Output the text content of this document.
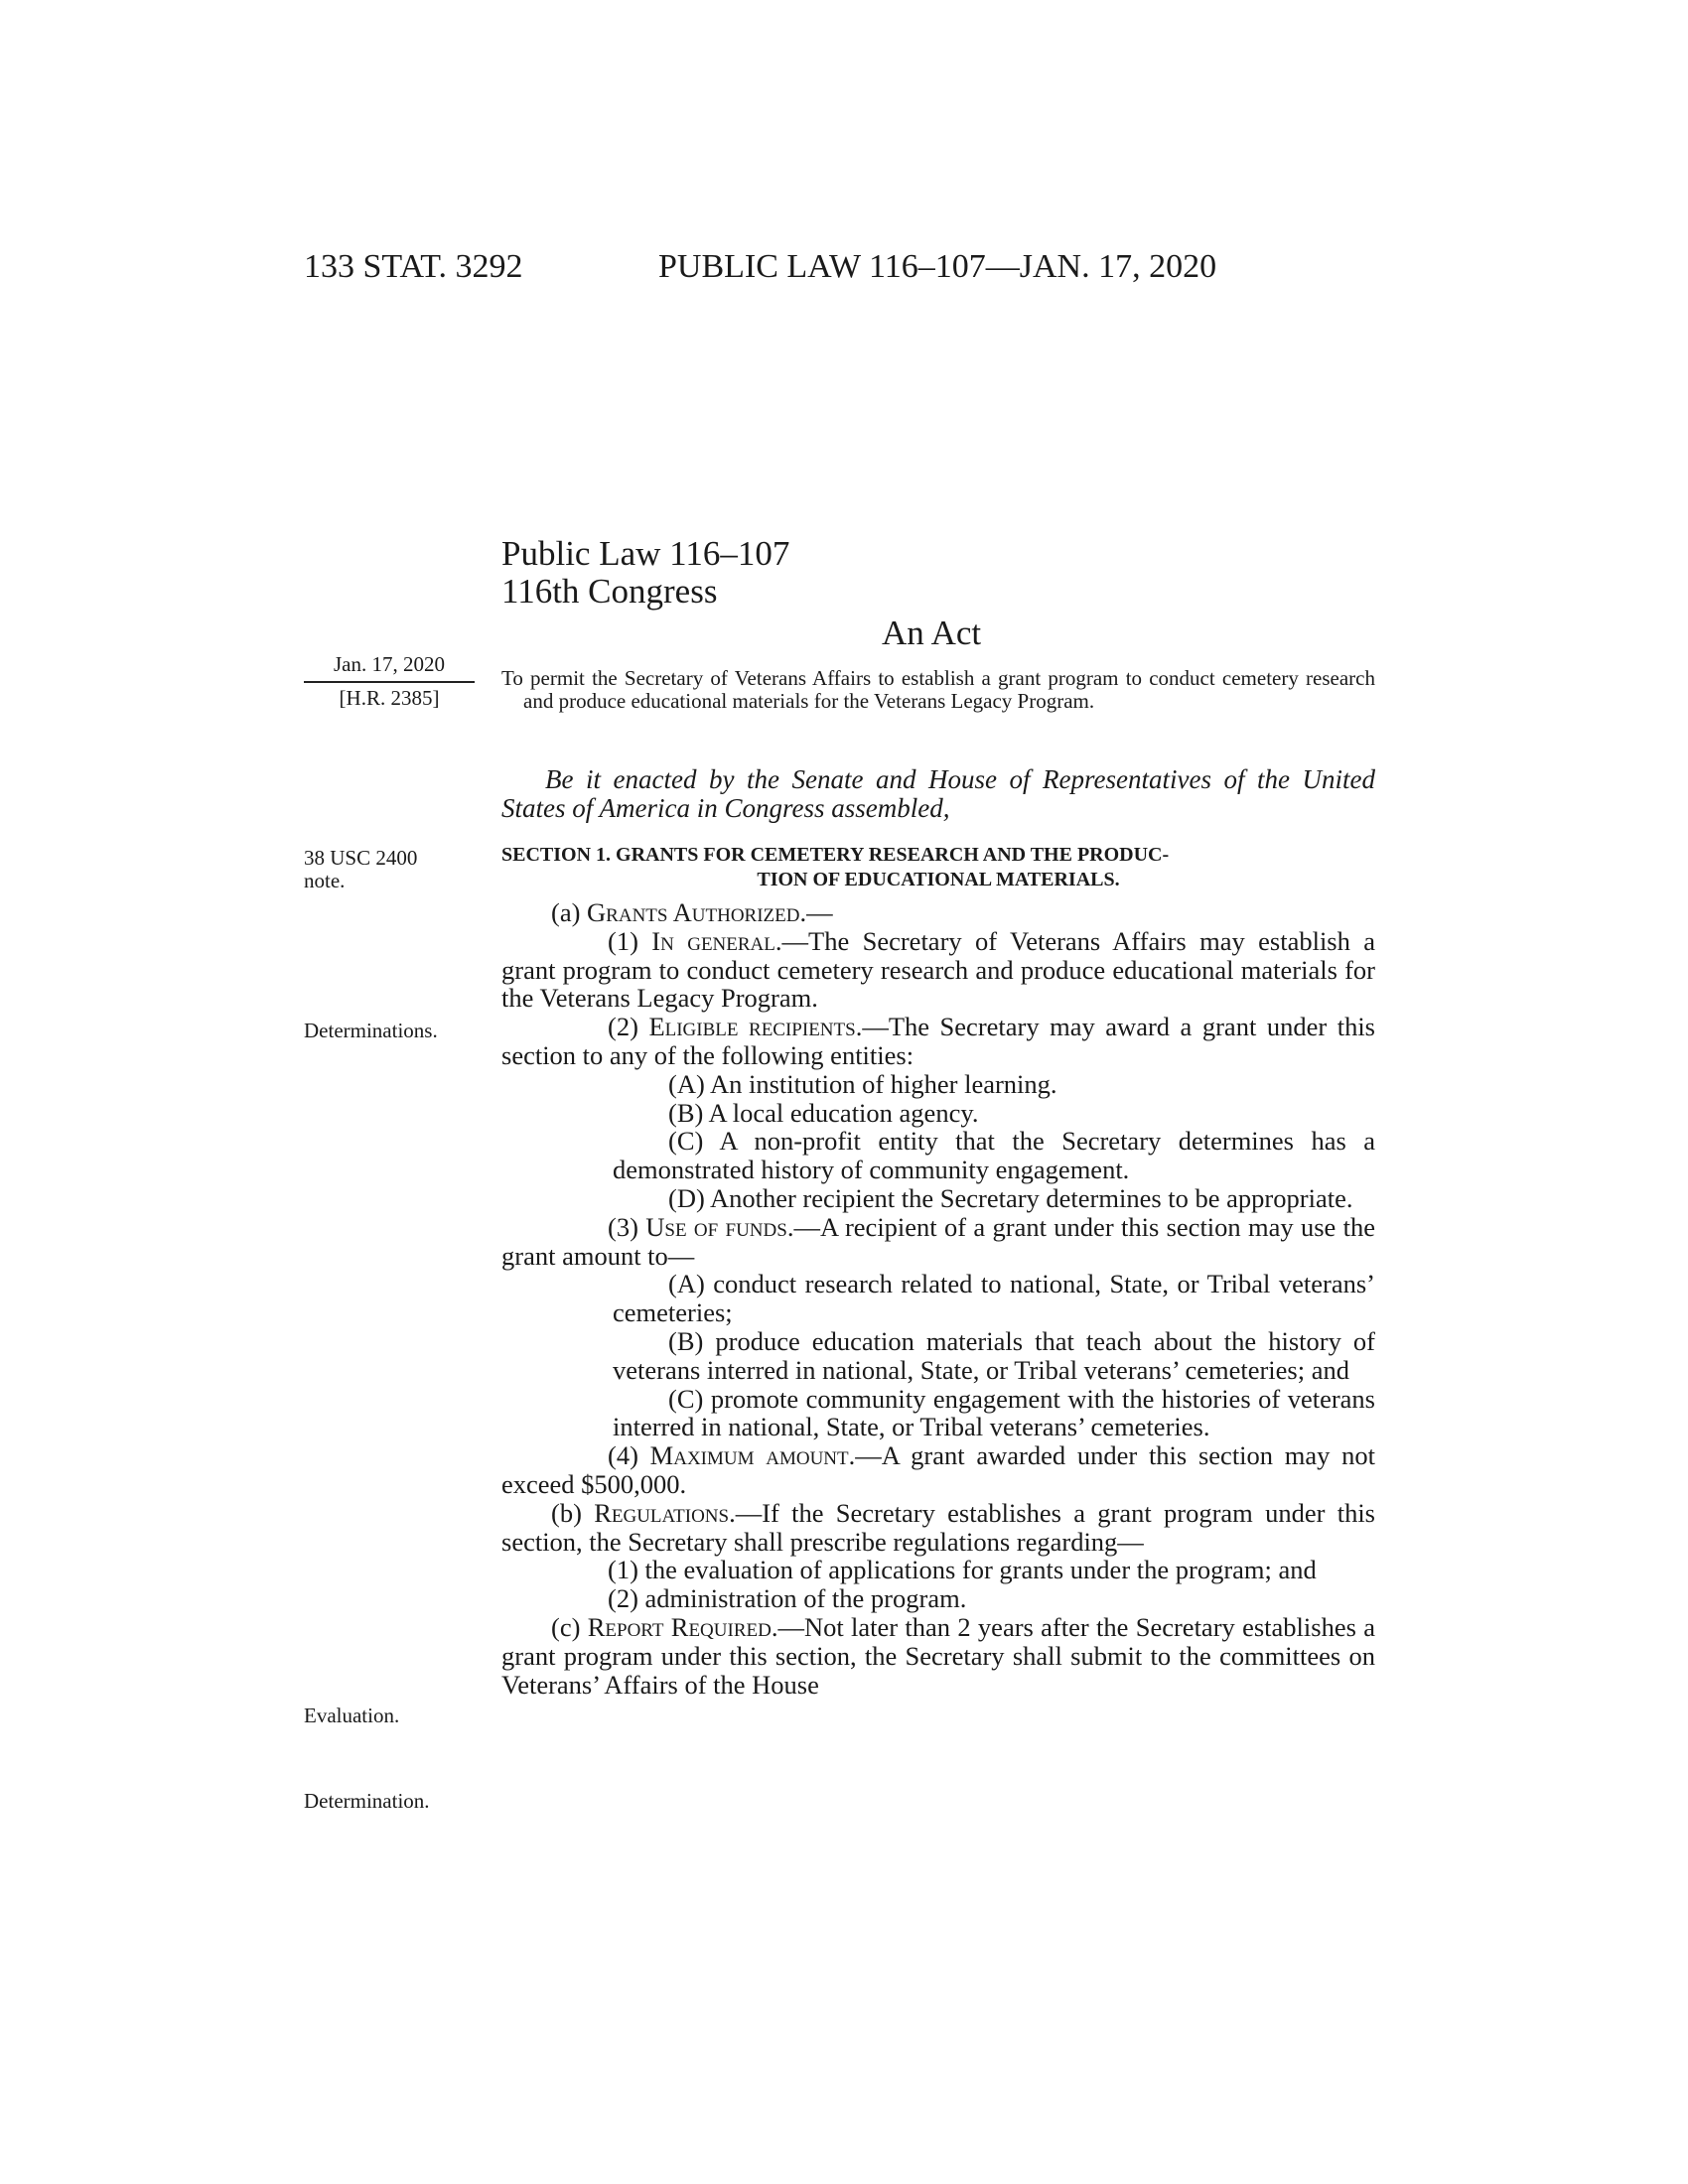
133 STAT. 3292	PUBLIC LAW 116–107—JAN. 17, 2020
Public Law 116–107
116th Congress
An Act
Jan. 17, 2020
[H.R. 2385]
To permit the Secretary of Veterans Affairs to establish a grant program to conduct cemetery research and produce educational materials for the Veterans Legacy Program.
Be it enacted by the Senate and House of Representatives of the United States of America in Congress assembled,
38 USC 2400 note.
Determinations.
Evaluation.
Determination.
SECTION 1. GRANTS FOR CEMETERY RESEARCH AND THE PRODUC-
TION OF EDUCATIONAL MATERIALS.
(a) Grants Authorized.—
(1) In general.—The Secretary of Veterans Affairs may establish a grant program to conduct cemetery research and produce educational materials for the Veterans Legacy Program.
(2) Eligible recipients.—The Secretary may award a grant under this section to any of the following entities:
(A) An institution of higher learning.
(B) A local education agency.
(C) A non-profit entity that the Secretary determines has a demonstrated history of community engagement.
(D) Another recipient the Secretary determines to be appropriate.
(3) Use of funds.—A recipient of a grant under this section may use the grant amount to—
(A) conduct research related to national, State, or Tribal veterans’ cemeteries;
(B) produce education materials that teach about the history of veterans interred in national, State, or Tribal veterans’ cemeteries; and
(C) promote community engagement with the histories of veterans interred in national, State, or Tribal veterans’ cemeteries.
(4) Maximum amount.—A grant awarded under this section may not exceed $500,000.
(b) Regulations.—If the Secretary establishes a grant program under this section, the Secretary shall prescribe regulations regarding—
(1) the evaluation of applications for grants under the program; and
(2) administration of the program.
(c) Report Required.—Not later than 2 years after the Secretary establishes a grant program under this section, the Secretary shall submit to the committees on Veterans’ Affairs of the House
